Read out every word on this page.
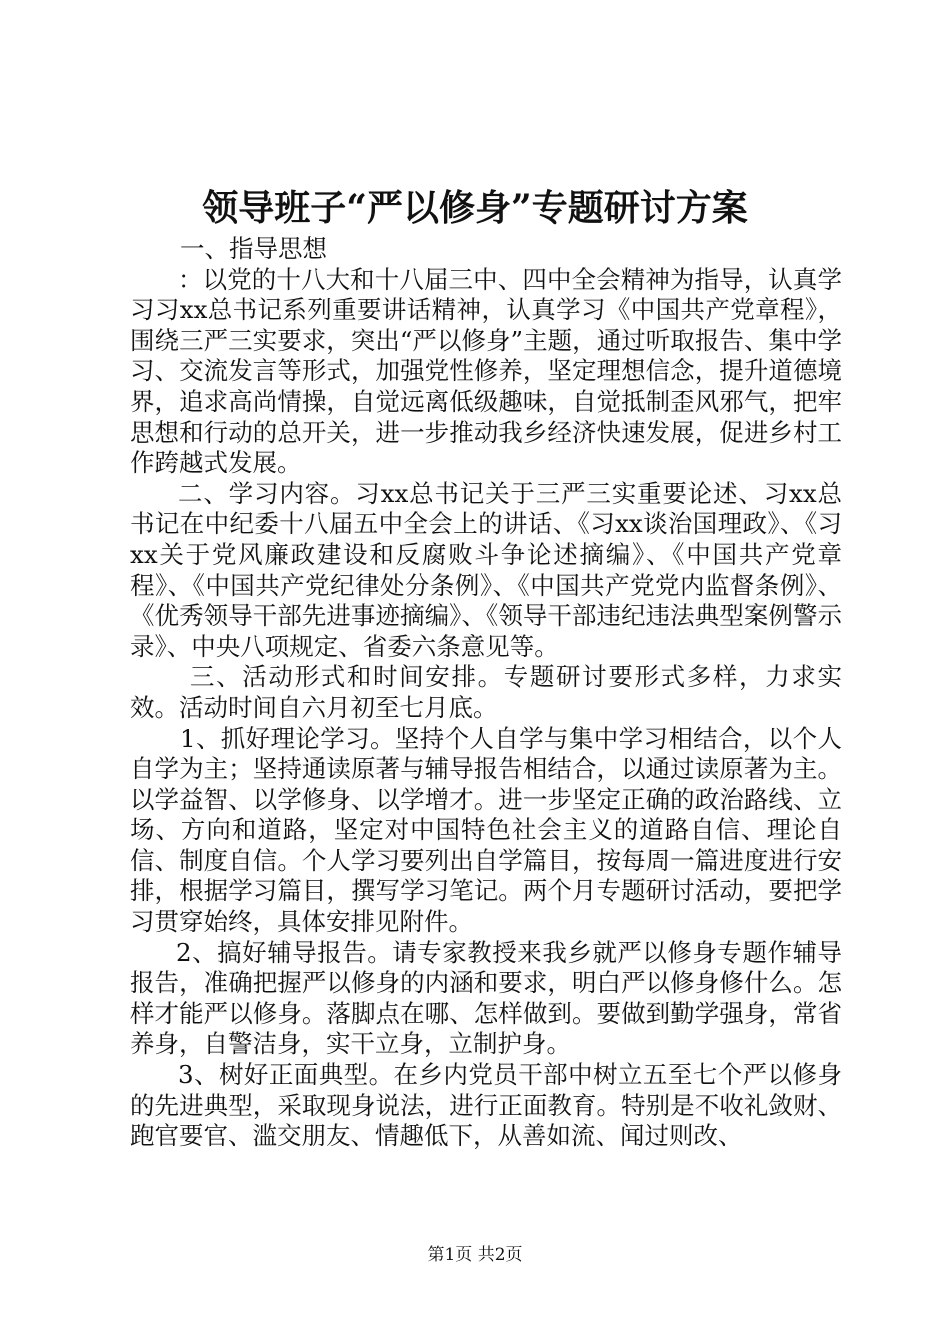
领导班子“严以修身”专题研讨方案

一、指导思想

：以党的十八大和十八届三中、四中全会精神为指导，认真学习习xx总书记系列重要讲话精神，认真学习《中国共产党章程》，围绕三严三实要求，突出“严以修身”主题，通过听取报告、集中学习、交流发言等形式，加强党性修养，坚定理想信念，提升道德境界，追求高尚情操，自觉远离低级趣味，自觉抵制歪风邪气，把牢思想和行动的总开关，进一步推动我乡经济快速发展，促进乡村工作跨越式发展。

二、学习内容。习xx总书记关于三严三实重要论述、习xx总书记在中纪委十八届五中全会上的讲话、《习xx谈治国理政》、《习xx关于党风廉政建设和反腐败斗争论述摘编》、《中国共产党章程》、《中国共产党纪律处分条例》、《中国共产党党内监督条例》、《优秀领导干部先进事迹摘编》、《领导干部违纪违法典型案例警示录》、中央八项规定、省委六条意见等。

三、活动形式和时间安排。专题研讨要形式多样，力求实效。活动时间自六月初至七月底。

1、抓好理论学习。坚持个人自学与集中学习相结合，以个人自学为主；坚持通读原著与辅导报告相结合，以通过读原著为主。以学益智、以学修身、以学增才。进一步坚定正确的政治路线、立场、方向和道路，坚定对中国特色社会主义的道路自信、理论自信、制度自信。个人学习要列出自学篇目，按每周一篇进度进行安排，根据学习篇目，撰写学习笔记。两个月专题研讨活动，要把学习贯穿始终，具体安排见附件。

2、搞好辅导报告。请专家教授来我乡就严以修身专题作辅导报告，准确把握严以修身的内涵和要求，明白严以修身修什么。怎样才能严以修身。落脚点在哪、怎样做到。要做到勤学强身，常省养身，自警洁身，实干立身，立制护身。

3、树好正面典型。在乡内党员干部中树立五至七个严以修身的先进典型，采取现身说法，进行正面教育。特别是不收礼敛财、跑官要官、滥交朋友、情趣低下，从善如流、闻过则改、

第1页 共2页
